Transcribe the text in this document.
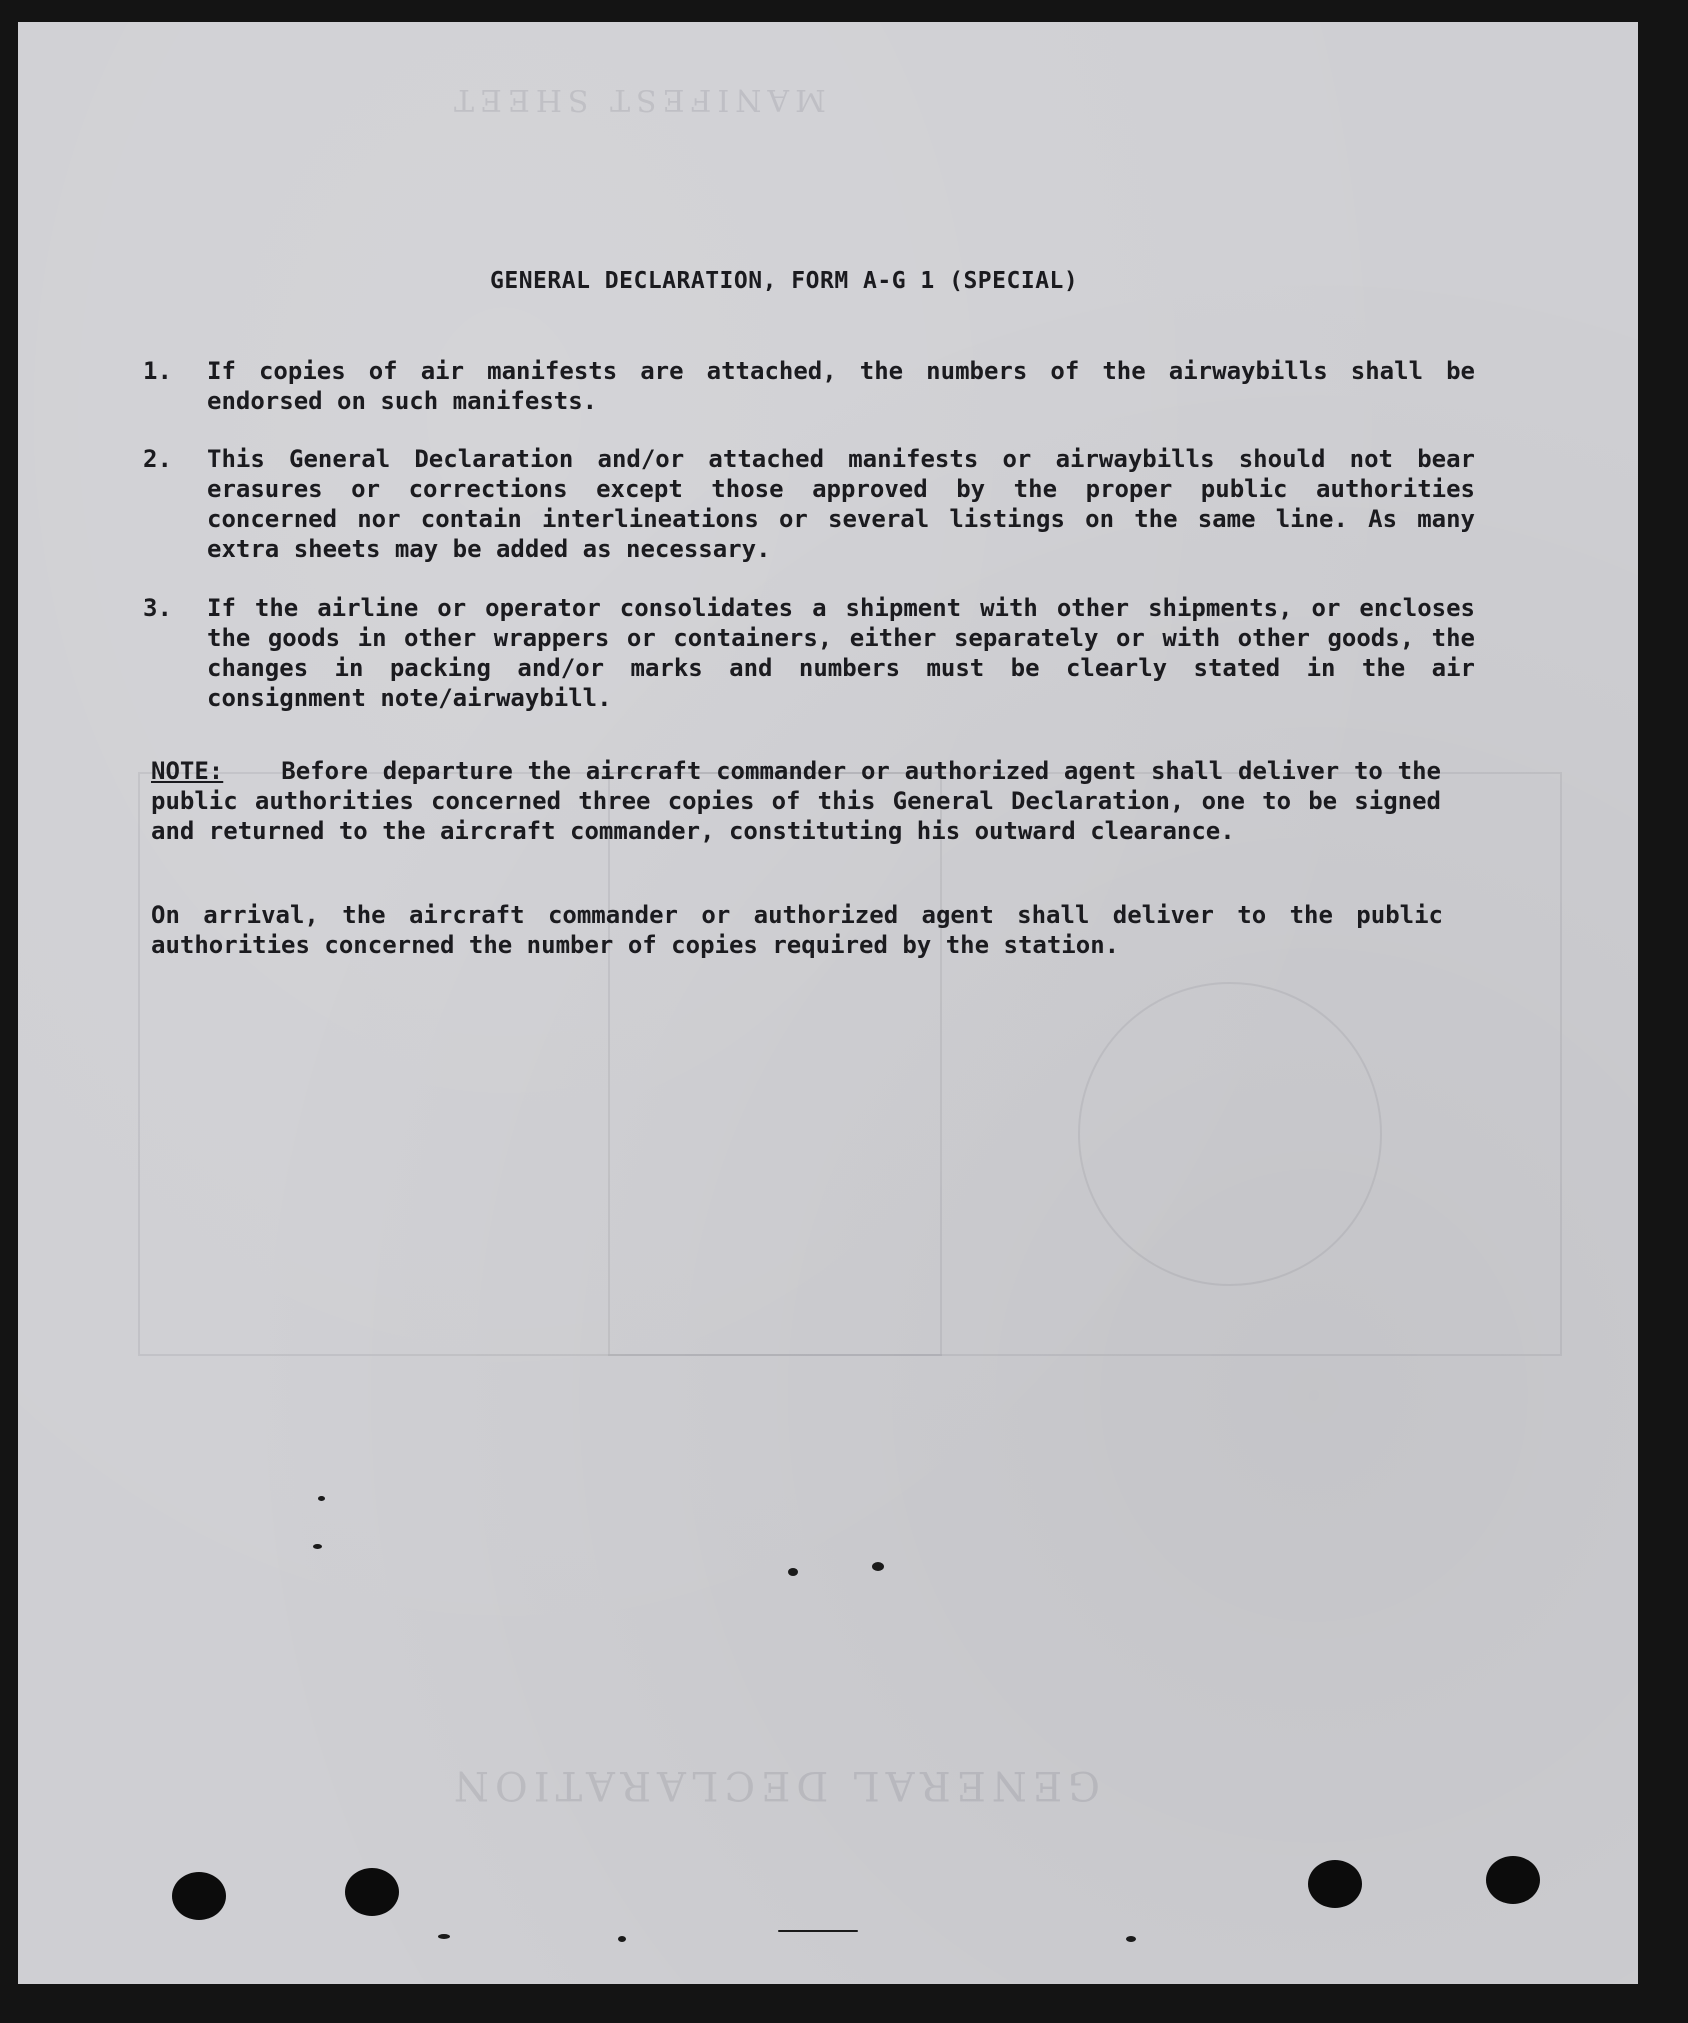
GENERAL DECLARATION
MANIFEST SHEET
GENERAL DECLARATION, FORM A-G 1 (SPECIAL)
1. If copies of air manifests are attached, the numbers of the airwaybills shall be endorsed on such manifests.
2. This General Declaration and/or attached manifests or airwaybills should not bear erasures or corrections except those approved by the proper public authorities concerned nor contain interlineations or several listings on the same line. As many extra sheets may be added as necessary.
3. If the airline or operator consolidates a shipment with other shipments, or encloses the goods in other wrappers or containers, either separately or with other goods, the changes in packing and/or marks and numbers must be clearly stated in the air consignment note/airwaybill.
NOTE: Before departure the aircraft commander or authorized agent shall deliver to the public authorities concerned three copies of this General Declaration, one to be signed and returned to the aircraft commander, constituting his outward clearance.
On arrival, the aircraft commander or authorized agent shall deliver to the public authorities concerned the number of copies required by the station.
